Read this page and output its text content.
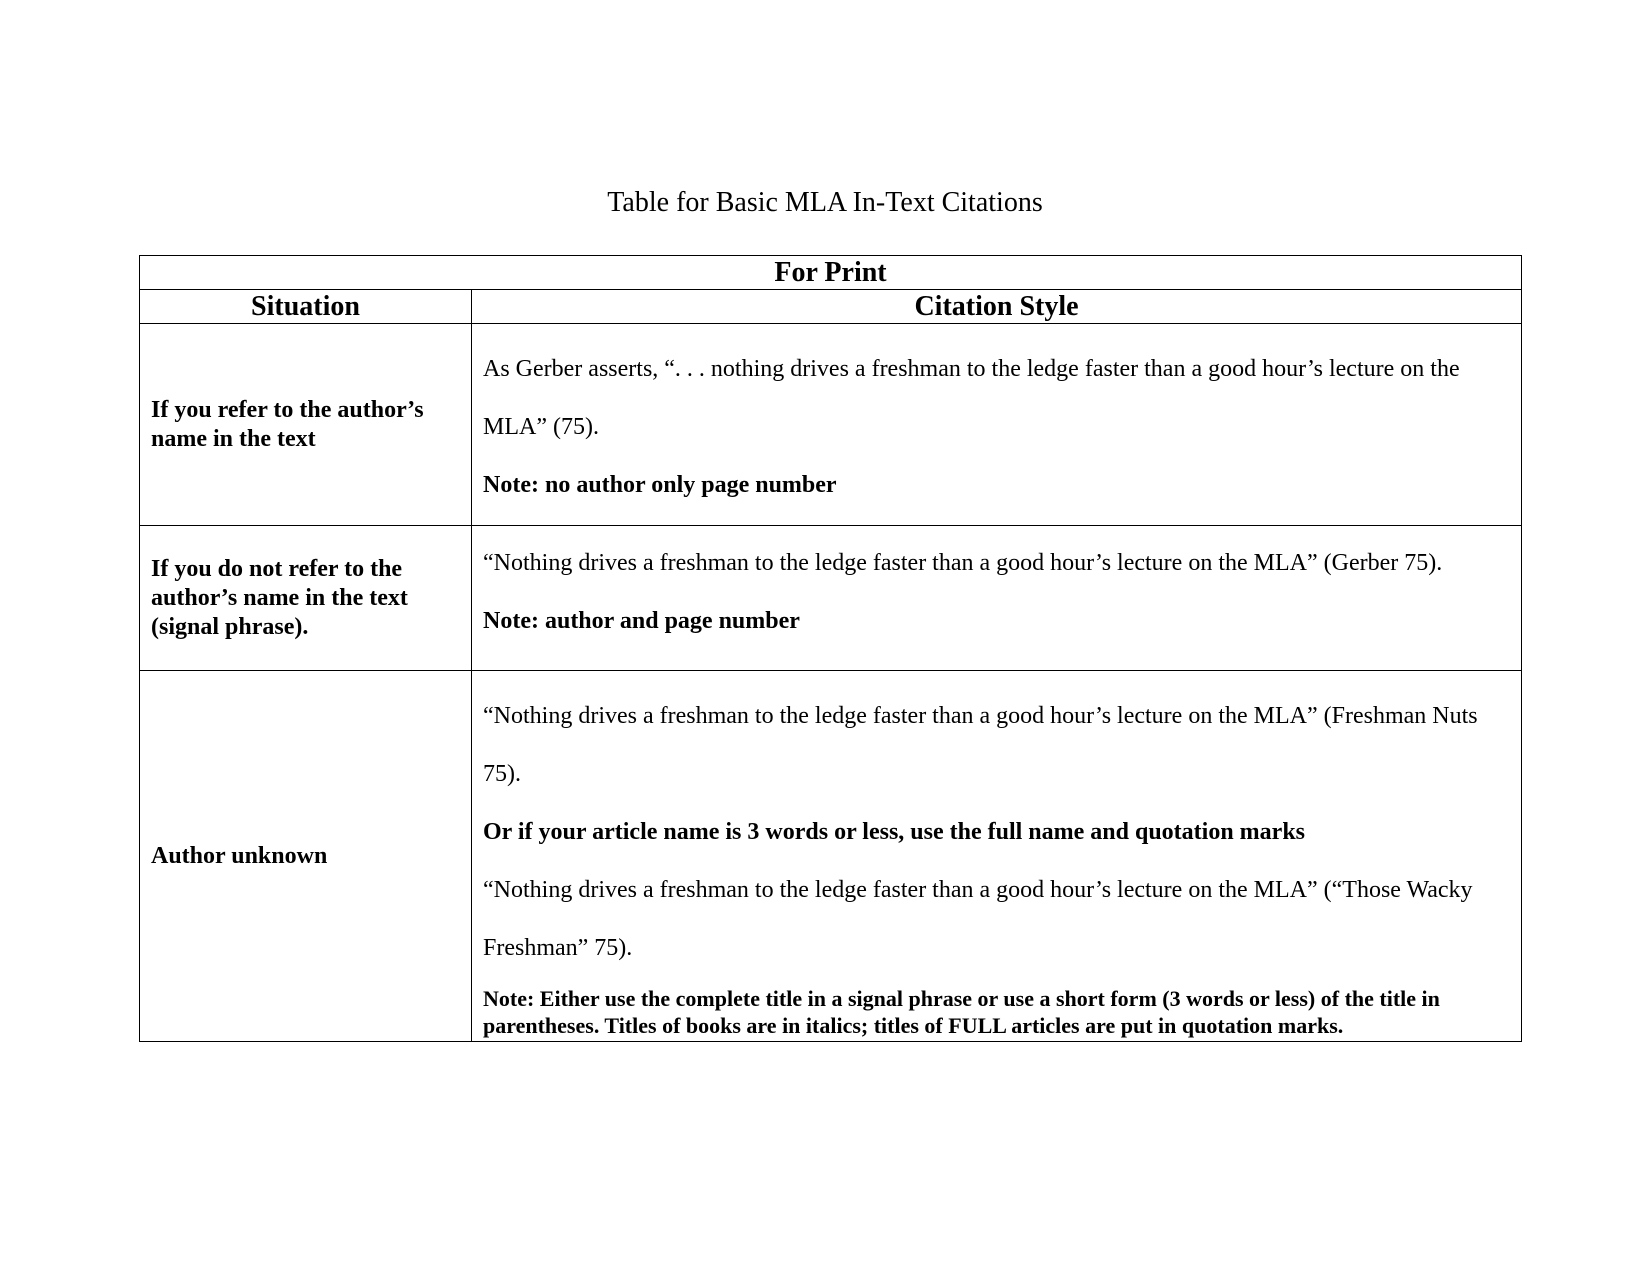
Table for Basic MLA In-Text Citations
For Print	
Situation	Citation Style
If you refer to the author’s name in the text	As Gerber asserts, “. . . nothing drives a freshman to the ledge faster than a good hour’s lecture on the MLA” (75).
Note: no author only page number

If you do not refer to the author’s name in the text (signal phrase).	“Nothing drives a freshman to the ledge faster than a good hour’s lecture on the MLA” (Gerber 75).
Note: author and page number

Author unknown	“Nothing drives a freshman to the ledge faster than a good hour’s lecture on the MLA” (Freshman Nuts 75).
Or if your article name is 3 words or less, use the full name and quotation marks
“Nothing drives a freshman to the ledge faster than a good hour’s lecture on the MLA” (“Those Wacky Freshman” 75).
Note: Either use the complete title in a signal phrase or use a short form (3 words or less) of the title in parentheses. Titles of books are in italics; titles of FULL articles are put in quotation marks.
